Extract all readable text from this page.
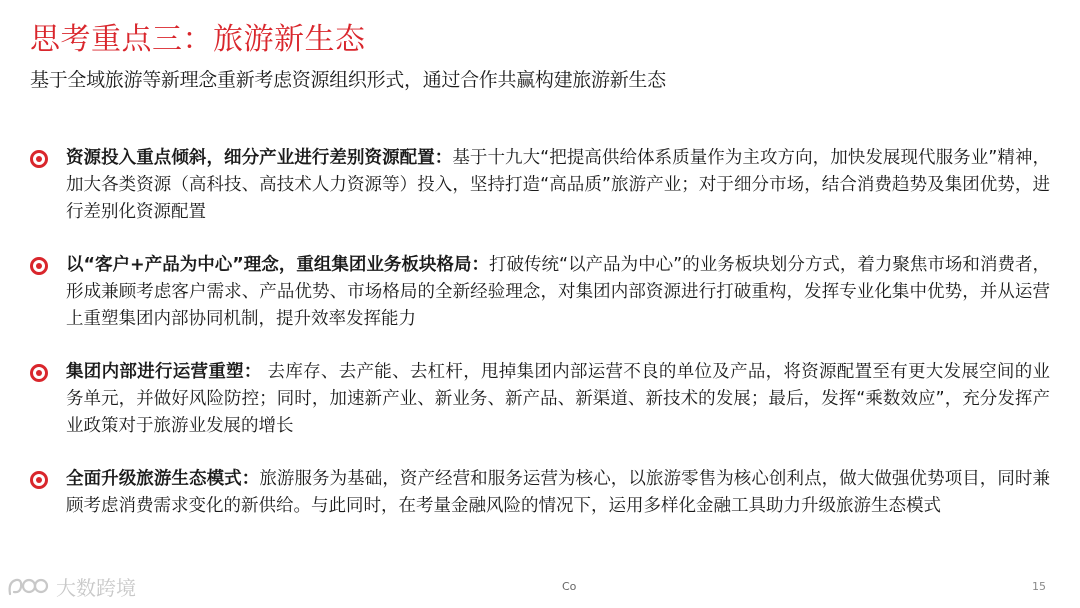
思考重点三：旅游新生态
基于全域旅游等新理念重新考虑资源组织形式，通过合作共赢构建旅游新生态
资源投入重点倾斜，细分产业进行差别资源配置：基于十九大“把提高供给体系质量作为主攻方向，加快发展现代服务业”精神，加大各类资源（高科技、高技术人力资源等）投入，坚持打造“高品质”旅游产业；对于细分市场，结合消费趋势及集团优势，进行差别化资源配置
以“客户+产品为中心”理念，重组集团业务板块格局：打破传统“以产品为中心”的业务板块划分方式，着力聚焦市场和消费者，形成兼顾考虑客户需求、产品优势、市场格局的全新经验理念，对集团内部资源进行打破重构，发挥专业化集中优势，并从运营上重塑集团内部协同机制，提升效率发挥能力
集团内部进行运营重塑： 去库存、去产能、去杠杆，甩掉集团内部运营不良的单位及产品，将资源配置至有更大发展空间的业务单元，并做好风险防控；同时，加速新产业、新业务、新产品、新渠道、新技术的发展；最后，发挥“乘数效应”，充分发挥产业政策对于旅游业发展的增长
全面升级旅游生态模式：旅游服务为基础，资产经营和服务运营为核心，以旅游零售为核心创利点，做大做强优势项目，同时兼顾考虑消费需求变化的新供给。与此同时，在考量金融风险的情况下，运用多样化金融工具助力升级旅游生态模式
大数跨境	Co	15
